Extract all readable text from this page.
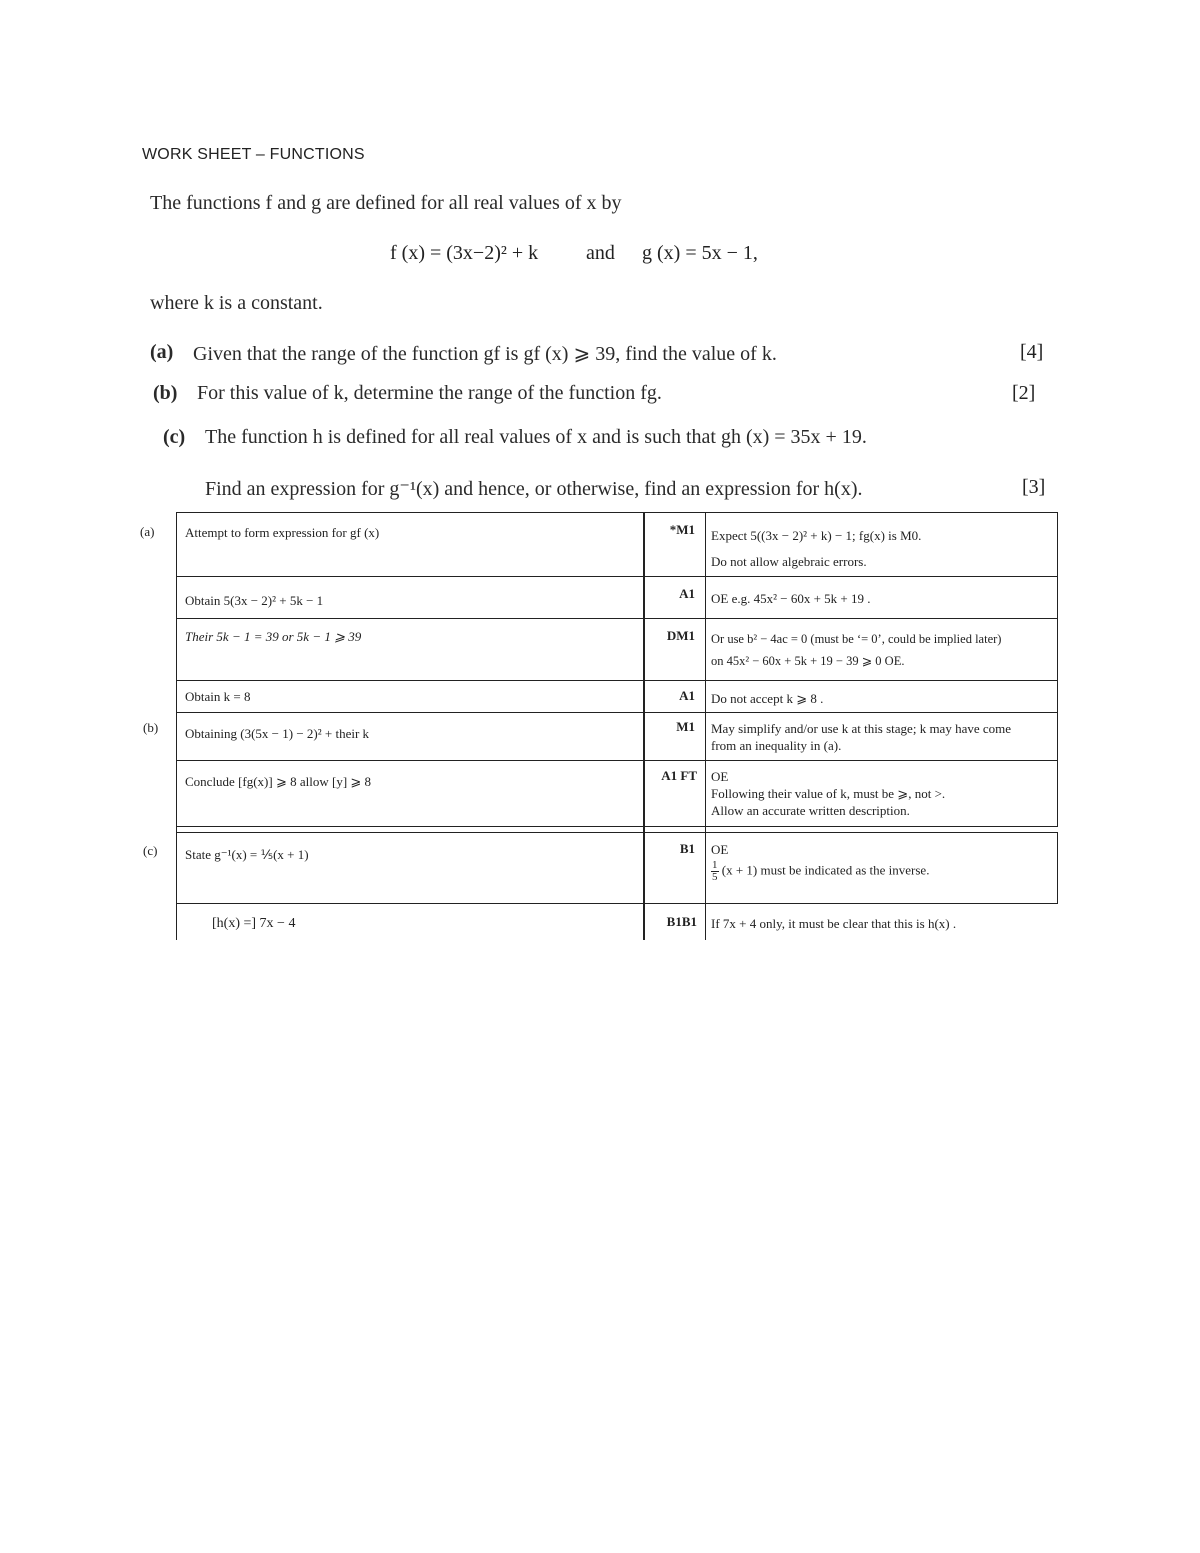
WORK SHEET – FUNCTIONS
The functions f and g are defined for all real values of x by
f (x) = (3x−2)² + k and g (x) = 5x − 1,
where k is a constant.
(a) Given that the range of the function gf is gf (x) ⩾ 39, find the value of k.	[4]
(b) For this value of k, determine the range of the function fg.	[2]
(c) The function h is defined for all real values of x and is such that gh (x) = 35x + 19.
Find an expression for g⁻¹(x) and hence, or otherwise, find an expression for h(x).	[3]
(a) Attempt to form expression for gf (x)	*M1 Expect 5((3x − 2)² + k) − 1; fg(x) is M0.
Do not allow algebraic errors.
Obtain 5(3x − 2)² + 5k − 1	A1 OE e.g. 45x² − 60x + 5k + 19 .
Their 5k − 1 = 39 or 5k − 1 ⩾ 39	DM1 Or use b² − 4ac = 0 (must be ‘= 0’, could be implied later)
on 45x² − 60x + 5k + 19 − 39 ⩾ 0 OE.
Obtain k = 8	A1 Do not accept k ⩾ 8 .
(b) Obtaining (3(5x − 1) − 2)² + their k	M1 May simplify and/or use k at this stage; k may have come
from an inequality in (a).
Conclude [fg(x)] ⩾ 8 allow [y] ⩾ 8	A1 FT OE
Following their value of k, must be ⩾, not >.
Allow an accurate written description.
(c) State g⁻¹(x) = ⅕(x + 1)	B1 OE
$\frac{1}{5} (x + 1)$ must be indicated as the inverse.
[h(x) =] 7x − 4	B1B1 If 7x + 4 only, it must be clear that this is h(x) .
